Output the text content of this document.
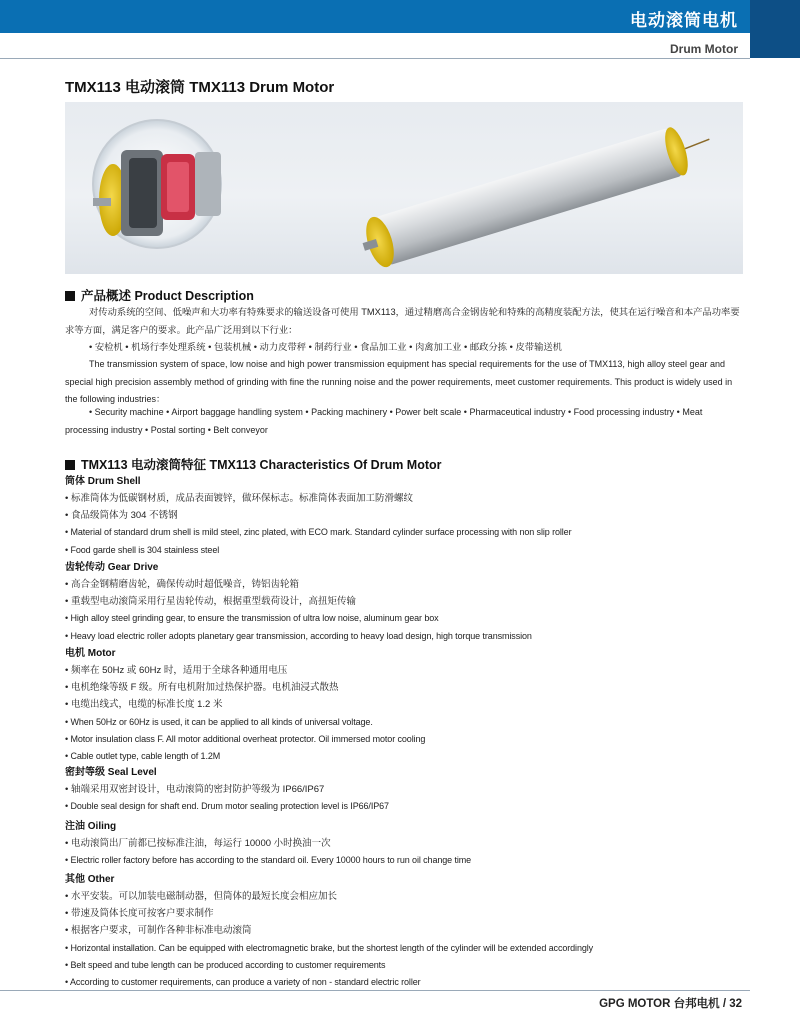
电动滚筒电机
Drum Motor
TMX113 电动滚筒 TMX113 Drum Motor
产品概述 Product Description
对传动系统的空间、低噪声和大功率有特殊要求的输送设备可使用 TMX113，通过精磨高合金钢齿轮和特殊的高精度装配方法，使其在运行噪音和本产品功率要求等方面，满足客户的要求。此产品广泛用到以下行业：
• 安检机 • 机场行李处理系统 • 包装机械 • 动力皮带秤 • 制药行业 • 食品加工业 • 肉禽加工业 • 邮政分拣 • 皮带输送机
The transmission system of space, low noise and high power transmission equipment has special requirements for the use of TMX113, high alloy steel gear and special high precision assembly method of grinding with fine the running noise and the power requirements, meet customer requirements. This product is widely used in the following industries：
• Security machine • Airport baggage handling system • Packing machinery • Power belt scale • Pharmaceutical industry • Food processing industry • Meat processing industry • Postal sorting • Belt conveyor
TMX113 电动滚筒特征 TMX113 Characteristics Of Drum Motor
筒体 Drum Shell
• 标准筒体为低碳钢材质，成品表面镀锌，做环保标志。标准筒体表面加工防滑螺纹
• 食品级筒体为 304 不锈钢
• Material of standard drum shell is mild steel, zinc plated, with ECO mark. Standard cylinder surface processing with non slip roller
• Food garde shell is 304 stainless steel
齿轮传动 Gear Drive
• 高合金钢精磨齿轮，确保传动时超低噪音，铸铝齿轮箱
• 重载型电动滚筒采用行星齿轮传动，根据重型载荷设计，高扭矩传输
• High alloy steel grinding gear, to ensure the transmission of ultra low noise, aluminum gear box
• Heavy load electric roller adopts planetary gear transmission, according to heavy load design, high torque transmission
电机 Motor
• 频率在 50Hz 或 60Hz 时，适用于全球各种通用电压
• 电机绝缘等级 F 级。所有电机附加过热保护器。电机油浸式散热
• 电缆出线式，电缆的标准长度 1.2 米
• When 50Hz or 60Hz is used, it can be applied to all kinds of universal voltage.
• Motor insulation class F. All motor additional overheat protector. Oil immersed motor cooling
• Cable outlet type, cable length of 1.2M
密封等级 Seal Level
• 轴端采用双密封设计，电动滚筒的密封防护等级为 IP66/IP67
• Double seal design for shaft end. Drum motor sealing protection level is IP66/IP67
注油 Oiling
• 电动滚筒出厂前都已按标准注油，每运行 10000 小时换油一次
• Electric roller factory before has according to the standard oil. Every 10000 hours to run oil change time
其他 Other
• 水平安装。可以加装电磁制动器，但筒体的最短长度会相应加长
• 带速及筒体长度可按客户要求制作
• 根据客户要求，可制作各种非标准电动滚筒
• Horizontal installation. Can be equipped with electromagnetic brake, but the shortest length of the cylinder will be extended accordingly
• Belt speed and tube length can be produced according to customer requirements
• According to customer requirements, can produce a variety of non - standard electric roller
GPG MOTOR 台邦电机 / 32
